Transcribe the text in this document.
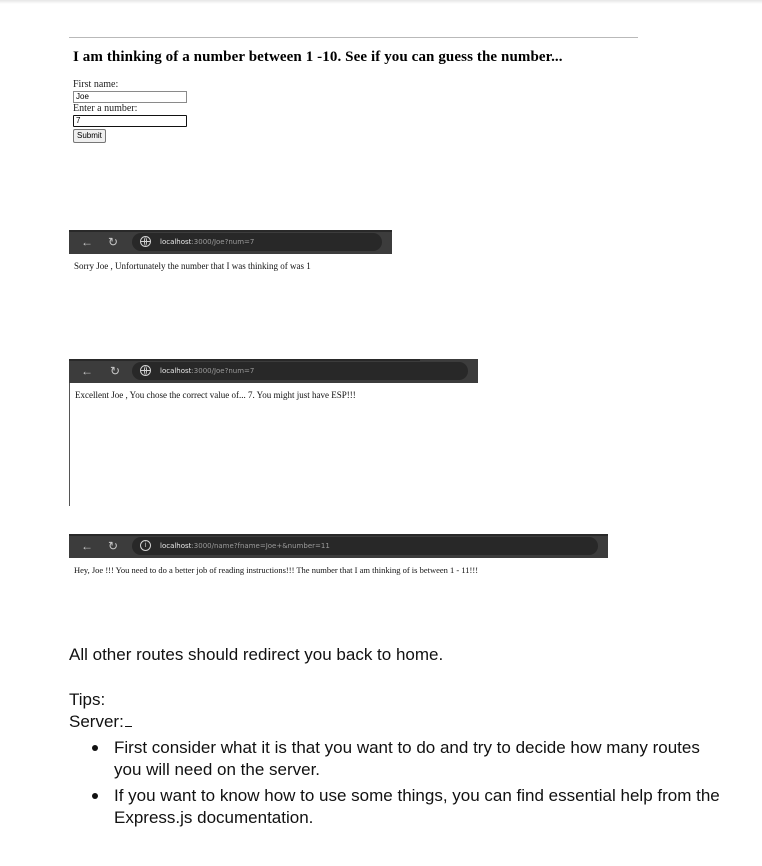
I am thinking of a number between 1 -10. See if you can guess the number...
First name:
Joe
Enter a number:
7
Submit
← ↻	localhost:3000/Joe?num=7
Sorry Joe , Unfortunately the number that I was thinking of was 1
← ↻	localhost:3000/Joe?num=7
Excellent Joe , You chose the correct value of... 7. You might just have ESP!!!
← ↻
i	localhost:3000/name?fname=Joe+&number=11
Hey, Joe !!! You need to do a better job of reading instructions!!! The number that I am thinking of is between 1 - 11!!!
All other routes should redirect you back to home.
Tips:
Server:
First consider what it is that you want to do and try to decide how many routes you will need on the server.
If you want to know how to use some things, you can find essential help from the Express.js documentation.
